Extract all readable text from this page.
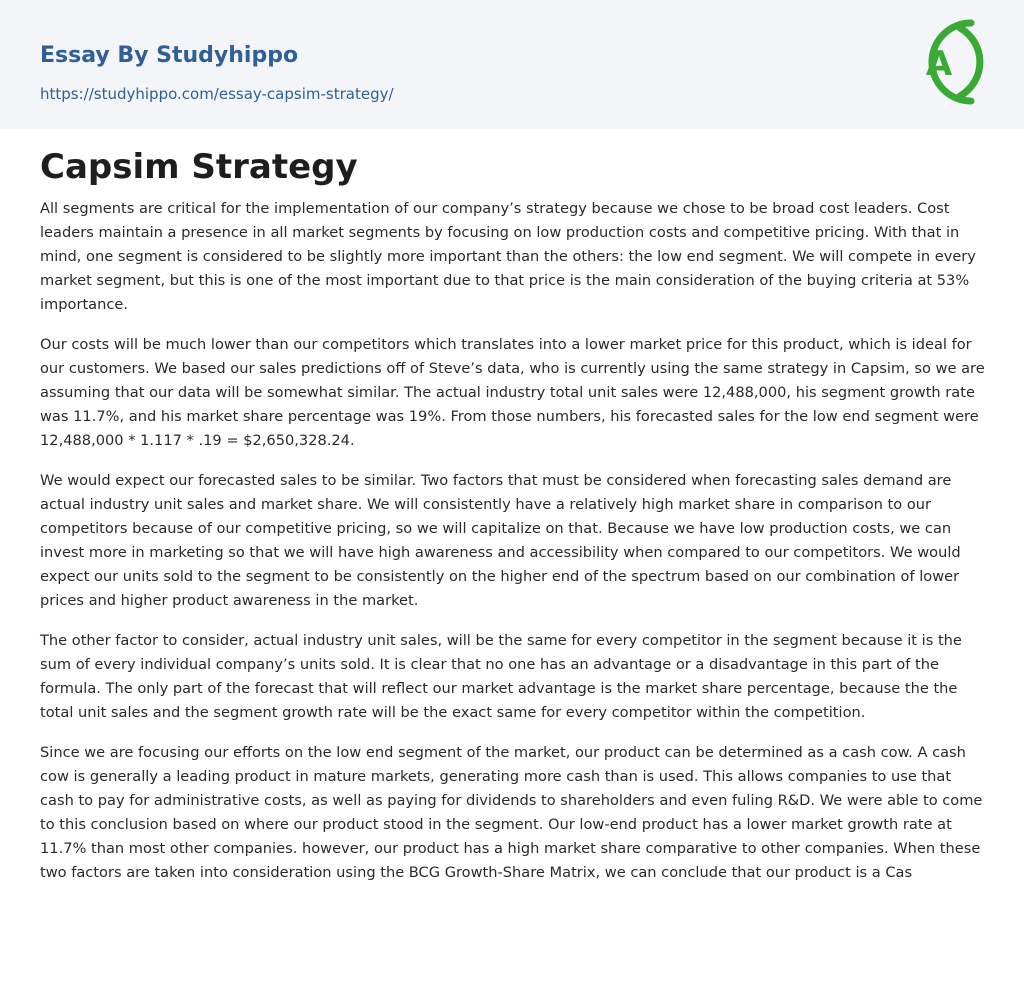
Essay By Studyhippo
https://studyhippo.com/essay-capsim-strategy/
A
Capsim Strategy

All segments are critical for the implementation of our company’s strategy because we chose to be broad cost leaders. Cost leaders maintain a presence in all market segments by focusing on low production costs and competitive pricing. With that in mind, one segment is considered to be slightly more important than the others: the low end segment. We will compete in every market segment, but this is one of the most important due to that price is the main consideration of the buying criteria at 53% importance.

Our costs will be much lower than our competitors which translates into a lower market price for this product, which is ideal for our customers. We based our sales predictions off of Steve’s data, who is currently using the same strategy in Capsim, so we are assuming that our data will be somewhat similar. The actual industry total unit sales were 12,488,000, his segment growth rate was 11.7%, and his market share percentage was 19%. From those numbers, his forecasted sales for the low end segment were 12,488,000 * 1.117 * .19 = $2,650,328.24.

We would expect our forecasted sales to be similar. Two factors that must be considered when forecasting sales demand are actual industry unit sales and market share. We will consistently have a relatively high market share in comparison to our competitors because of our competitive pricing, so we will capitalize on that. Because we have low production costs, we can invest more in marketing so that we will have high awareness and accessibility when compared to our competitors. We would expect our units sold to the segment to be consistently on the higher end of the spectrum based on our combination of lower prices and higher product awareness in the market.

The other factor to consider, actual industry unit sales, will be the same for every competitor in the segment because it is the sum of every individual company’s units sold. It is clear that no one has an advantage or a disadvantage in this part of the formula. The only part of the forecast that will reflect our market advantage is the market share percentage, because the the total unit sales and the segment growth rate will be the exact same for every competitor within the competition.

Since we are focusing our efforts on the low end segment of the market, our product can be determined as a cash cow. A cash cow is generally a leading product in mature markets, generating more cash than is used. This allows companies to use that cash to pay for administrative costs, as well as paying for dividends to shareholders and even fuling R&D. We were able to come to this conclusion based on where our product stood in the segment. Our low-end product has a lower market growth rate at 11.7% than most other companies. however, our product has a high market share comparative to other companies. When these two factors are taken into consideration using the BCG Growth-Share Matrix, we can conclude that our product is a Cas
